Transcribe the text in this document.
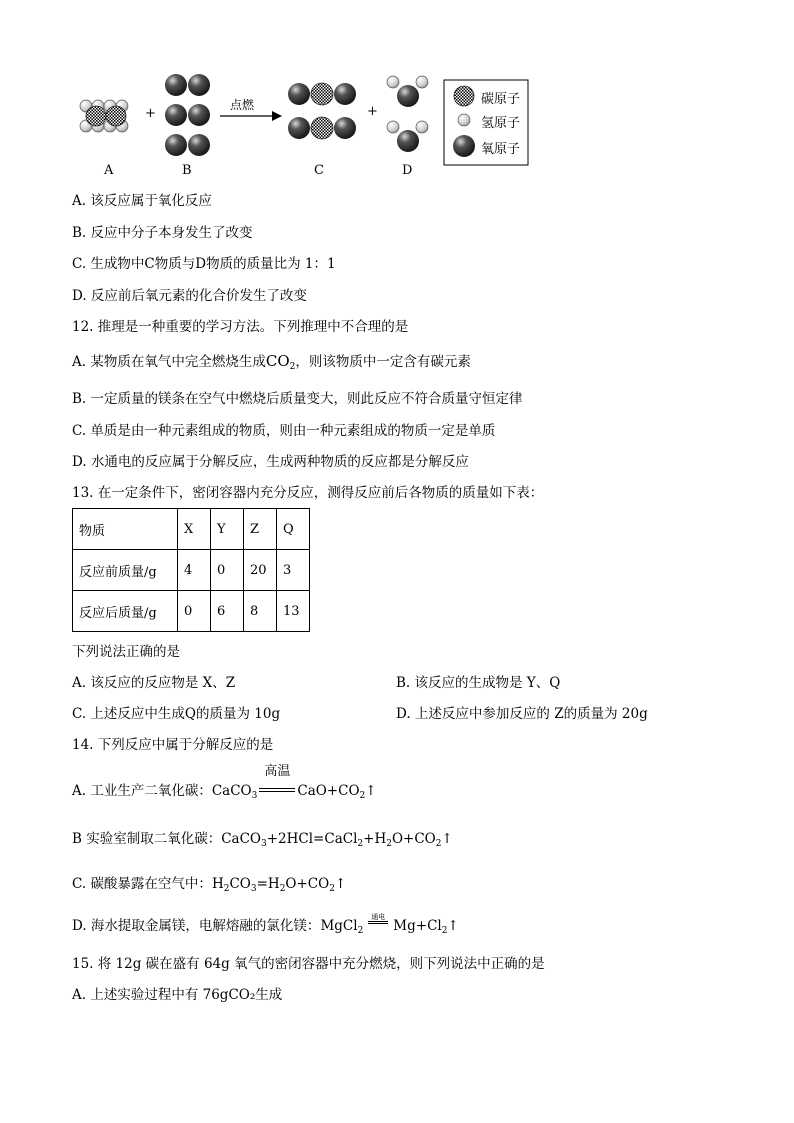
A	B	C	D
+	+
点燃	碳原子
氢原子
氧原子
A. 该反应属于氧化反应
B. 反应中分子本身发生了改变
C. 生成物中C物质与D物质的质量比为 1：1
D. 反应前后氧元素的化合价发生了改变
12. 推理是一种重要的学习方法。下列推理中不合理的是
A. 某物质在氧气中完全燃烧生成$CO_2$，则该物质中一定含有碳元素
B. 一定质量的镁条在空气中燃烧后质量变大，则此反应不符合质量守恒定律
C. 单质是由一种元素组成的物质，则由一种元素组成的物质一定是单质
D. 水通电的反应属于分解反应，生成两种物质的反应都是分解反应
13. 在一定条件下，密闭容器内充分反应，测得反应前后各物质的质量如下表：
物质	X	Y	Z	Q
反应前质量/g	4	0	20	3
反应后质量/g	0	6	8	13
下列说法正确的是
A. 该反应的反应物是 X、Z	B. 该反应的生成物是 Y、Q
C. 上述反应中生成Q的质量为 10g	D. 上述反应中参加反应的 Z的质量为 20g
14. 下列反应中属于分解反应的是
A. 工业生产二氧化碳：CaCO$_3$
高温
$CaO+CO_2↑$
B 实验室制取二氧化碳：$CaCO_3+2HCl=CaCl_2+H_2O+CO_2↑$
C. 碳酸暴露在空气中：$H_2CO_3=H_2O+CO_2↑$
D. 海水提取金属镁，电解熔融的氯化镁：MgCl$_2$
通电
$Mg+Cl_2↑$
15. 将 12g 碳在盛有 64g 氧气的密闭容器中充分燃烧，则下列说法中正确的是
A. 上述实验过程中有 76gCO₂生成
